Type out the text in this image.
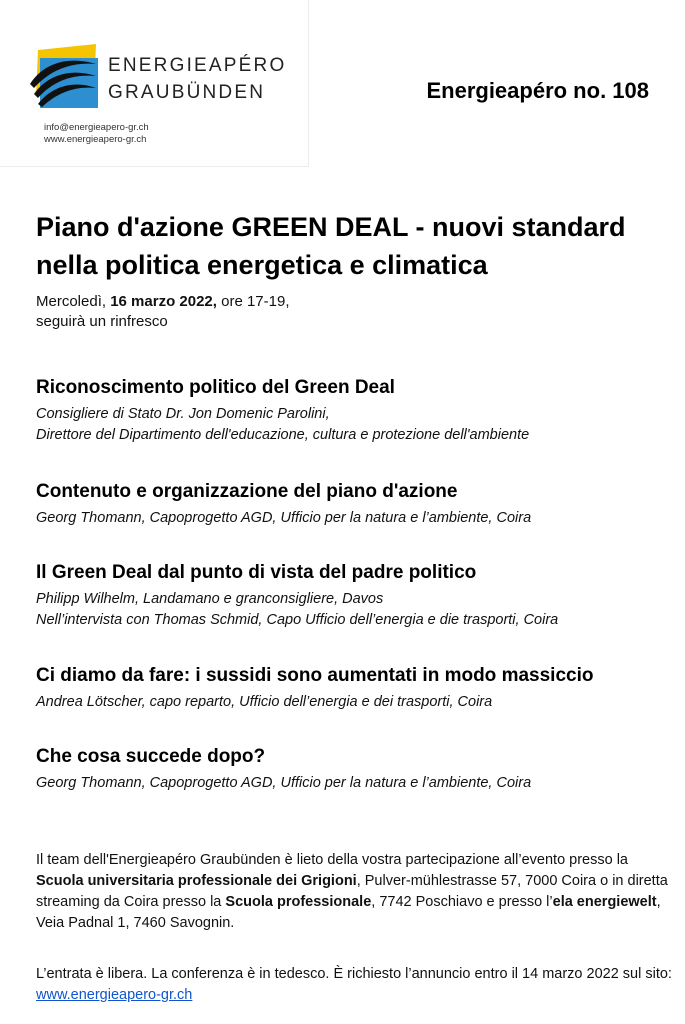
ENERGIEAPÉRO
GRAUBÜNDEN
info@energieapero-gr.ch
www.energieapero-gr.ch
Energieapéro no. 108
Piano d'azione GREEN DEAL - nuovi standard nella politica energetica e climatica
Mercoledì, 16 marzo 2022, ore 17-19,
seguirà un rinfresco
Riconoscimento politico del Green Deal

Consigliere di Stato Dr. Jon Domenic Parolini,

Direttore del Dipartimento dell'educazione, cultura e protezione dell'ambiente

Contenuto e organizzazione del piano d'azione

Georg Thomann, Capoprogetto AGD, Ufficio per la natura e l’ambiente, Coira

Il Green Deal dal punto di vista del padre politico

Philipp Wilhelm, Landamano e granconsigliere, Davos

Nell’intervista con Thomas Schmid, Capo Ufficio dell’energia e die trasporti, Coira

Ci diamo da fare: i sussidi sono aumentati in modo massiccio

Andrea Lötscher, capo reparto, Ufficio dell’energia e dei trasporti, Coira

Che cosa succede dopo?

Georg Thomann, Capoprogetto AGD, Ufficio per la natura e l’ambiente, Coira

Il team dell'Energieapéro Graubünden è lieto della vostra partecipazione all’evento presso la Scuola universitaria professionale dei Grigioni, Pulver-mühlestrasse 57, 7000 Coira o in diretta streaming da Coira presso la Scuola professionale, 7742 Poschiavo e presso l’ela energiewelt, Veia Padnal 1, 7460 Savognin.

L’entrata è libera. La conferenza è in tedesco. È richiesto l’annuncio entro il 14 marzo 2022 sul sito: www.energieapero-gr.ch
